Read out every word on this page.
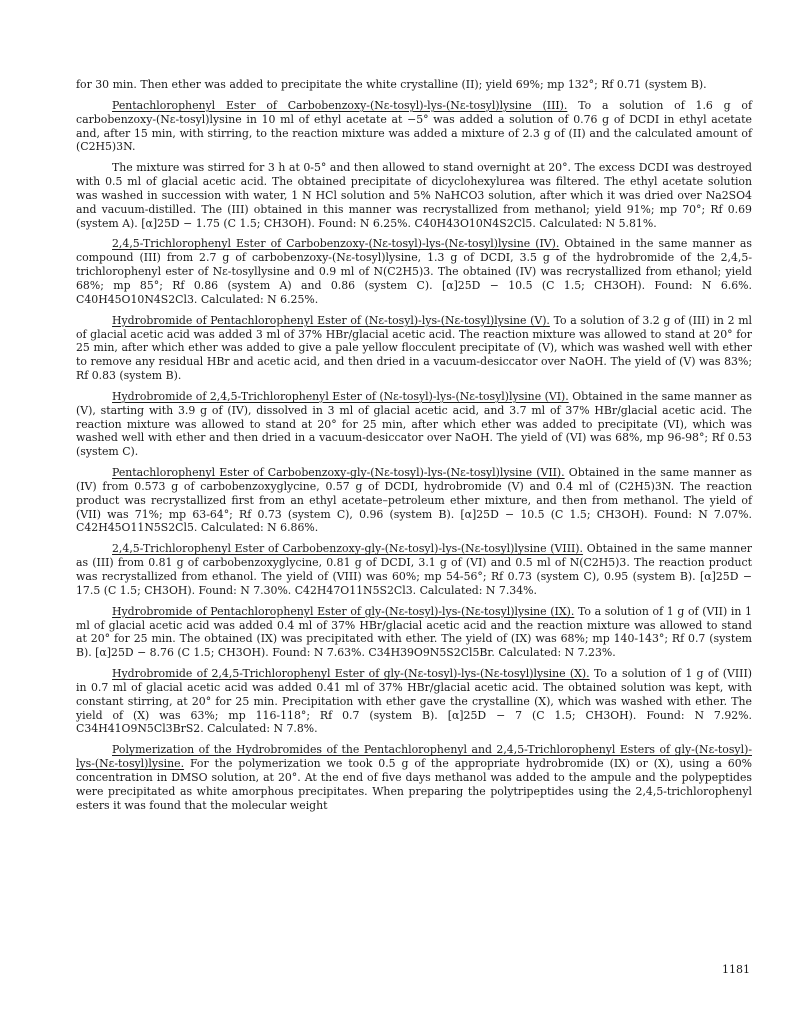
for 30 min. Then ether was added to precipitate the white crystalline (II); yield 69%; mp 132°; Rf 0.71 (system B).

Pentachlorophenyl Ester of Carbobenzoxy-(Nε-tosyl)-lys-(Nε-tosyl)lysine (III). To a solution of 1.6 g of carbobenzoxy-(Nε-tosyl)lysine in 10 ml of ethyl acetate at −5° was added a solution of 0.76 g of DCDI in ethyl acetate and, after 15 min, with stirring, to the reaction mixture was added a mixture of 2.3 g of (II) and the calculated amount of (C2H5)3N.

The mixture was stirred for 3 h at 0-5° and then allowed to stand overnight at 20°. The excess DCDI was destroyed with 0.5 ml of glacial acetic acid. The obtained precipitate of dicyclohexylurea was filtered. The ethyl acetate solution was washed in succession with water, 1 N HCl solution and 5% NaHCO3 solution, after which it was dried over Na2SO4 and vacuum-distilled. The (III) obtained in this manner was recrystallized from methanol; yield 91%; mp 70°; Rf 0.69 (system A). [α]25D − 1.75 (C 1.5; CH3OH). Found: N 6.25%. C40H43O10N4S2Cl5. Calculated: N 5.81%.

2,4,5-Trichlorophenyl Ester of Carbobenzoxy-(Nε-tosyl)-lys-(Nε-tosyl)lysine (IV). Obtained in the same manner as compound (III) from 2.7 g of carbobenzoxy-(Nε-tosyl)lysine, 1.3 g of DCDI, 3.5 g of the hydrobromide of the 2,4,5-trichlorophenyl ester of Nε-tosyllysine and 0.9 ml of N(C2H5)3. The obtained (IV) was recrystallized from ethanol; yield 68%; mp 85°; Rf 0.86 (system A) and 0.86 (system C). [α]25D − 10.5 (C 1.5; CH3OH). Found: N 6.6%. C40H45O10N4S2Cl3. Calculated: N 6.25%.

Hydrobromide of Pentachlorophenyl Ester of (Nε-tosyl)-lys-(Nε-tosyl)lysine (V). To a solution of 3.2 g of (III) in 2 ml of glacial acetic acid was added 3 ml of 37% HBr/glacial acetic acid. The reaction mixture was allowed to stand at 20° for 25 min, after which ether was added to give a pale yellow flocculent precipitate of (V), which was washed well with ether to remove any residual HBr and acetic acid, and then dried in a vacuum-desiccator over NaOH. The yield of (V) was 83%; Rf 0.83 (system B).

Hydrobromide of 2,4,5-Trichlorophenyl Ester of (Nε-tosyl)-lys-(Nε-tosyl)lysine (VI). Obtained in the same manner as (V), starting with 3.9 g of (IV), dissolved in 3 ml of glacial acetic acid, and 3.7 ml of 37% HBr/glacial acetic acid. The reaction mixture was allowed to stand at 20° for 25 min, after which ether was added to precipitate (VI), which was washed well with ether and then dried in a vacuum-desiccator over NaOH. The yield of (VI) was 68%, mp 96-98°; Rf 0.53 (system C).

Pentachlorophenyl Ester of Carbobenzoxy-gly-(Nε-tosyl)-lys-(Nε-tosyl)lysine (VII). Obtained in the same manner as (IV) from 0.573 g of carbobenzoxyglycine, 0.57 g of DCDI, hydrobromide (V) and 0.4 ml of (C2H5)3N. The reaction product was recrystallized first from an ethyl acetate–petroleum ether mixture, and then from methanol. The yield of (VII) was 71%; mp 63-64°; Rf 0.73 (system C), 0.96 (system B). [α]25D − 10.5 (C 1.5; CH3OH). Found: N 7.07%. C42H45O11N5S2Cl5. Calculated: N 6.86%.

2,4,5-Trichlorophenyl Ester of Carbobenzoxy-gly-(Nε-tosyl)-lys-(Nε-tosyl)lysine (VIII). Obtained in the same manner as (III) from 0.81 g of carbobenzoxyglycine, 0.81 g of DCDI, 3.1 g of (VI) and 0.5 ml of N(C2H5)3. The reaction product was recrystallized from ethanol. The yield of (VIII) was 60%; mp 54-56°; Rf 0.73 (system C), 0.95 (system B). [α]25D − 17.5 (C 1.5; CH3OH). Found: N 7.30%. C42H47O11N5S2Cl3. Calculated: N 7.34%.

Hydrobromide of Pentachlorophenyl Ester of gly-(Nε-tosyl)-lys-(Nε-tosyl)lysine (IX). To a solution of 1 g of (VII) in 1 ml of glacial acetic acid was added 0.4 ml of 37% HBr/glacial acetic acid and the reaction mixture was allowed to stand at 20° for 25 min. The obtained (IX) was precipitated with ether. The yield of (IX) was 68%; mp 140-143°; Rf 0.7 (system B). [α]25D − 8.76 (C 1.5; CH3OH). Found: N 7.63%. C34H39O9N5S2Cl5Br. Calculated: N 7.23%.

Hydrobromide of 2,4,5-Trichlorophenyl Ester of gly-(Nε-tosyl)-lys-(Nε-tosyl)lysine (X). To a solution of 1 g of (VIII) in 0.7 ml of glacial acetic acid was added 0.41 ml of 37% HBr/glacial acetic acid. The obtained solution was kept, with constant stirring, at 20° for 25 min. Precipitation with ether gave the crystalline (X), which was washed with ether. The yield of (X) was 63%; mp 116-118°; Rf 0.7 (system B). [α]25D − 7 (C 1.5; CH3OH). Found: N 7.92%. C34H41O9N5Cl3BrS2. Calculated: N 7.8%.

Polymerization of the Hydrobromides of the Pentachlorophenyl and 2,4,5-Trichlorophenyl Esters of gly-(Nε-tosyl)-lys-(Nε-tosyl)lysine. For the polymerization we took 0.5 g of the appropriate hydrobromide (IX) or (X), using a 60% concentration in DMSO solution, at 20°. At the end of five days methanol was added to the ampule and the polypeptides were precipitated as white amorphous precipitates. When preparing the polytripeptides using the 2,4,5-trichlorophenyl esters it was found that the molecular weight

1181
